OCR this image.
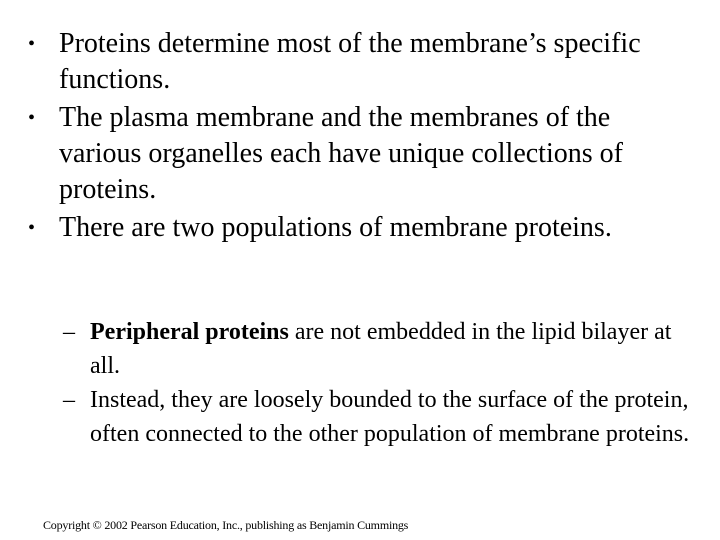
• Proteins determine most of the membrane’s specific functions.
• The plasma membrane and the membranes of the various organelles each have unique collections of proteins.
• There are two populations of membrane proteins.
– Peripheral proteins are not embedded in the lipid bilayer at all.
– Instead, they are loosely bounded to the surface of the protein, often connected to the other population of membrane proteins.
Copyright © 2002 Pearson Education, Inc., publishing as Benjamin Cummings
